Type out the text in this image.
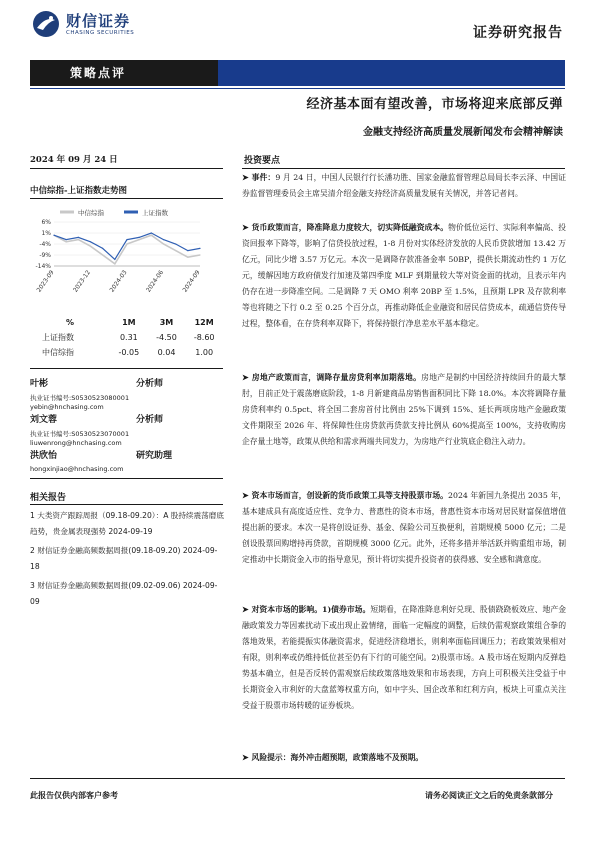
财信证券
CHASING SECURITIES	证券研究报告
策略点评
经济基本面有望改善，市场将迎来底部反弹
金融支持经济高质量发展新闻发布会精神解读
2024 年 09 月 24 日
中信综指-上证指数走势图
中信综指	上证指数
6%
1%
-4%
-9%
-14%
2023-09	2023-12	2024-03	2024-06	2024-09
%	1M	3M	12M
上证指数	0.31	-4.50	-8.60
中信综指	-0.05	0.04	1.00
叶彬	分析师
执业证书编号:S0530523080001
yebin@hnchasing.com
刘文蓉	分析师
执业证书编号:S0530523070001
liuwenrong@hnchasing.com
洪欣怡	研究助理
hongxinjiao@hnchasing.com
相关报告
1 大类资产跟踪周报（09.18-09.20）：A 股持续震荡磨底趋势，贵金属表现强势 2024-09-19
2 财信证券金融高频数据周报(09.18-09.20) 2024-09-18
3 财信证券金融高频数据周报(09.02-09.06) 2024-09-09
投资要点
➤ 事件：9 月 24 日，中国人民银行行长潘功胜、国家金融监督管理总局局长李云泽、中国证券监督管理委员会主席吴清介绍金融支持经济高质量发展有关情况，并答记者问。
➤ 货币政策而言，降准降息力度较大，切实降低融资成本。物价低位运行、实际利率偏高、投资回报率下降等，影响了信贷投放过程，1-8 月份对实体经济发放的人民币贷款增加 13.42 万亿元，同比少增 3.57 万亿元。本次一是调降存款准备金率 50BP，提供长期流动性约 1 万亿元，缓解因地方政府债发行加速及第四季度 MLF 到期量较大等对资金面的扰动，且表示年内仍存在进一步降准空间。二是调降 7 天 OMO 利率 20BP 至 1.5%，且预期 LPR 及存款利率等也将随之下行 0.2 至 0.25 个百分点，再推动降低企业融资和居民信贷成本，疏通信贷传导过程，整体看，在存贷利率双降下，将保持银行净息差水平基本稳定。
➤ 房地产政策而言，调降存量房贷利率加期落地。房地产是制约中国经济持续回升的最大掣肘，目前正处于震荡磨底阶段，1-8 月新建商品房销售面积同比下降 18.0%。本次将调降存量房贷利率约 0.5pct、将全国二套房首付比例由 25%下调到 15%、延长两项房地产金融政策文件期限至 2026 年、将保障性住房贷款再贷款支持比例从 60%提高至 100%，支持收购房企存量土地等，政策从供给和需求两端共同发力，为房地产行业筑底企稳注入动力。
➤ 资本市场而言，创设新的货币政策工具等支持股票市场。2024 年新国九条提出 2035 年，基本建成具有高度适应性、竞争力、普惠性的资本市场，普惠性资本市场对居民财富保值增值提出新的要求。本次一是将创设证券、基金、保险公司互换便利，首期规模 5000 亿元；二是创设股票回购增持再贷款，首期规模 3000 亿元。此外，还将多措并举活跃并购重组市场，制定推动中长期资金入市的指导意见，预计将切实提升投资者的获得感、安全感和满意度。
➤ 对资本市场的影响。1)债券市场。短期看，在降准降息利好兑现、股债跷跷板效应、地产金融政策发力等因素扰动下或出现止盈情绪，面临一定幅度的调整，后续仍需观察政策组合拳的落地效果，若能提振实体融资需求，促进经济稳增长，则利率面临回调压力；若政策效果相对有限，则利率或仍维持低位甚至仍有下行的可能空间。2)股票市场。A 股市场在短期内反弹趋势基本确立，但是否反转仍需观察后续政策落地效果和市场表现，方向上可积极关注受益于中长期资金入市利好的大盘蓝筹权重方向，如中字头、国企改革和红利方向，板块上可重点关注受益于股票市场转暖的证券板块。
➤ 风险提示：海外冲击超预期，政策落地不及预期。
此报告仅供内部客户参考	请务必阅读正文之后的免责条款部分
